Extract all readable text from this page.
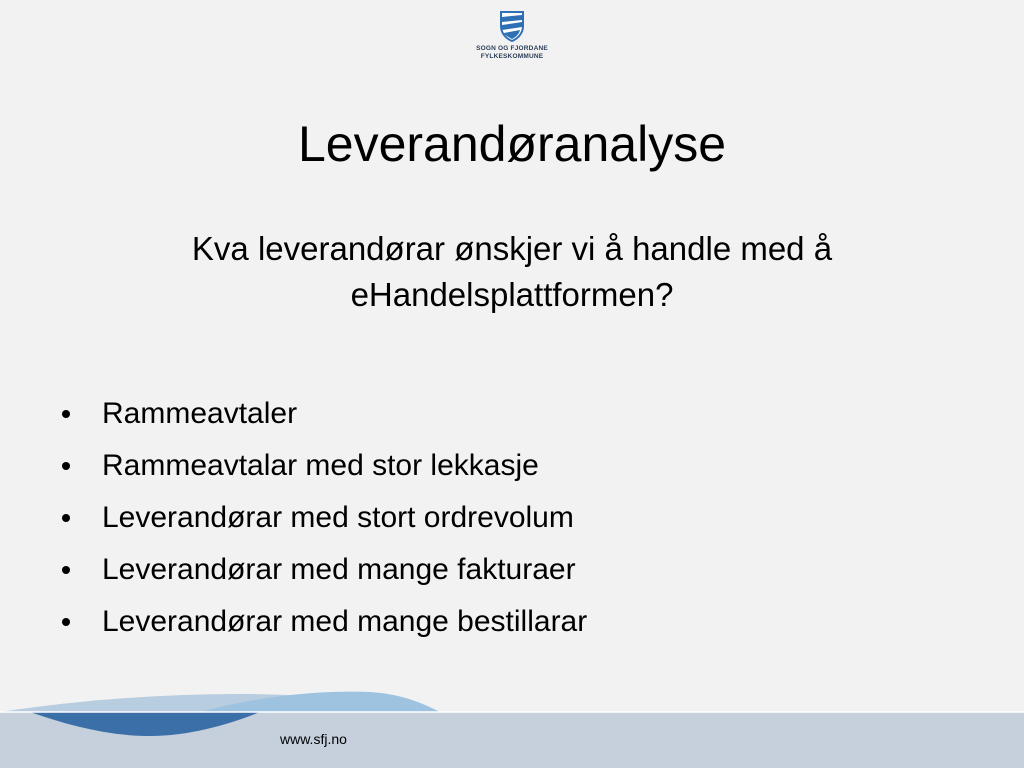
SOGN OG FJORDANE
FYLKESKOMMUNE
Leverandøranalyse

Kva leverandørar ønskjer vi å handle med å eHandelsplattformen?

Rammeavtaler
Rammeavtalar med stor lekkasje
Leverandørar med stort ordrevolum
Leverandørar med mange fakturaer
Leverandørar med mange bestillarar
www.sfj.no
